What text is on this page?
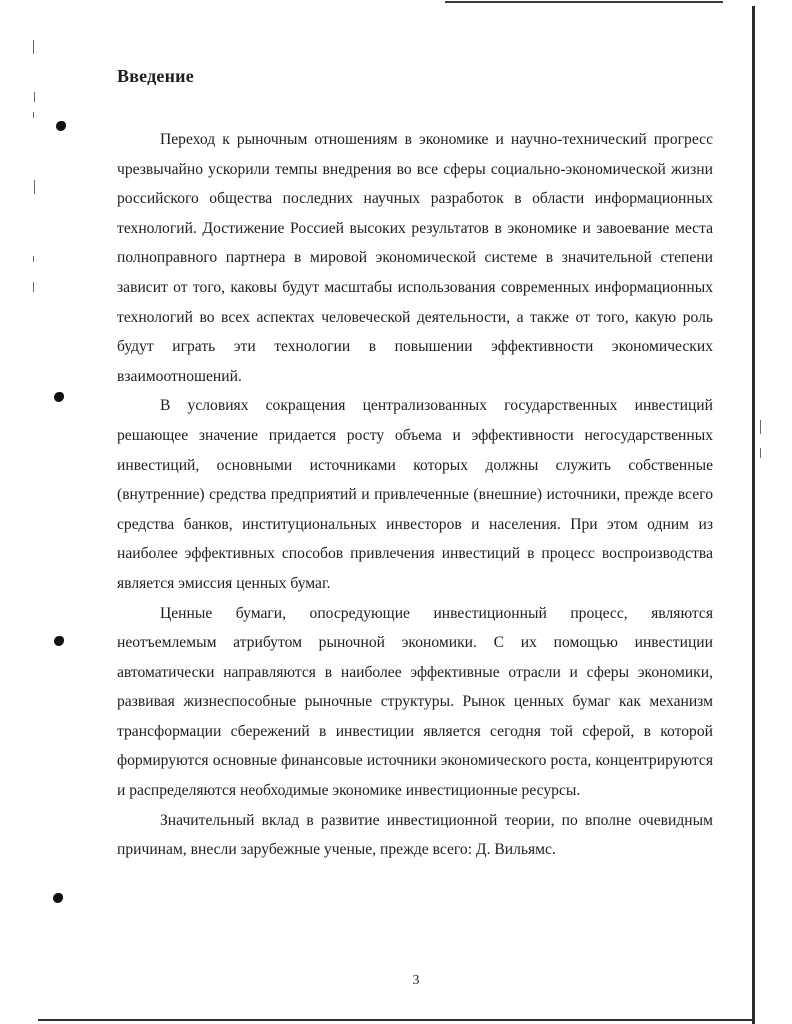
Введение

Переход к рыночным отношениям в экономике и научно-технический прогресс чрезвычайно ускорили темпы внедрения во все сферы социально-экономической жизни российского общества последних научных разработок в области информационных технологий. Достижение Россией высоких результатов в экономике и завоевание места полноправного партнера в мировой экономической системе в значительной степени зависит от того, каковы будут масштабы использования современных информационных технологий во всех аспектах человеческой деятельности, а также от того, какую роль будут играть эти технологии в повышении эффективности экономических взаимоотношений.

В условиях сокращения централизованных государственных инвестиций решающее значение придается росту объема и эффективности негосударственных инвестиций, основными источниками которых должны служить собственные (внутренние) средства предприятий и привлеченные (внешние) источники, прежде всего средства банков, институциональных инвесторов и населения. При этом одним из наиболее эффективных способов привлечения инвестиций в процесс воспроизводства является эмиссия ценных бумаг.

Ценные бумаги, опосредующие инвестиционный процесс, являются неотъемлемым атрибутом рыночной экономики. С их помощью инвестиции автоматически направляются в наиболее эффективные отрасли и сферы экономики, развивая жизнеспособные рыночные структуры. Рынок ценных бумаг как механизм трансформации сбережений в инвестиции является сегодня той сферой, в которой формируются основные финансовые источники экономического роста, концентрируются и распределяются необходимые экономике инвестиционные ресурсы.

Значительный вклад в развитие инвестиционной теории, по вполне очевидным причинам, внесли зарубежные ученые, прежде всего: Д. Вильямс.

3
